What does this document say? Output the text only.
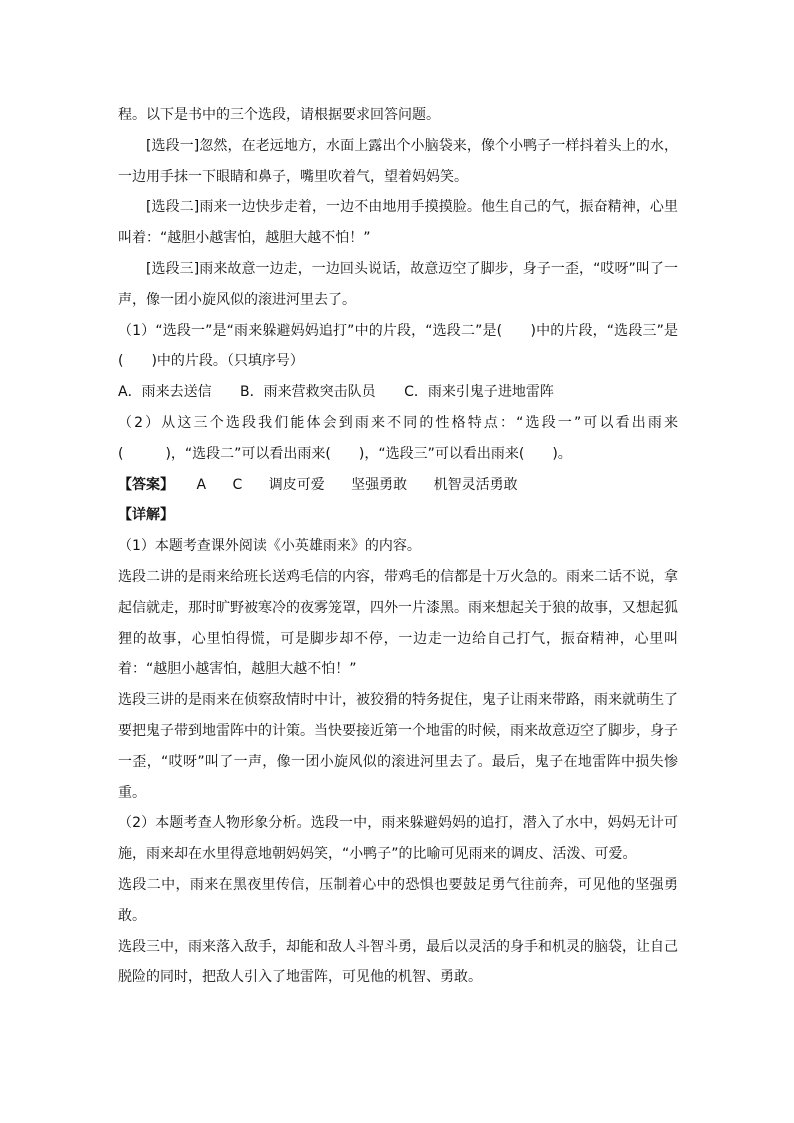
程。以下是书中的三个选段，请根据要求回答问题。

[选段一]忽然，在老远地方，水面上露出个小脑袋来，像个小鸭子一样抖着头上的水，一边用手抹一下眼睛和鼻子，嘴里吹着气，望着妈妈笑。

[选段二]雨来一边快步走着，一边不由地用手摸摸脸。他生自己的气，振奋精神，心里叫着：“越胆小越害怕，越胆大越不怕！”

[选段三]雨来故意一边走，一边回头说话，故意迈空了脚步，身子一歪，“哎呀”叫了一声，像一团小旋风似的滚进河里去了。

（1）“选段一”是“雨来躲避妈妈追打”中的片段，“选段二”是(　　)中的片段，“选段三”是(　　)中的片段。（只填序号）

A．雨来去送信 B．雨来营救突击队员 C．雨来引鬼子进地雷阵

（2）从这三个选段我们能体会到雨来不同的性格特点：“选段一”可以看出雨来(　　　)，“选段二”可以看出雨来(　　)，“选段三”可以看出雨来(　　)。

【答案】 A C 调皮可爱 坚强勇敢 机智灵活勇敢

【详解】

（1）本题考查课外阅读《小英雄雨来》的内容。

选段二讲的是雨来给班长送鸡毛信的内容，带鸡毛的信都是十万火急的。雨来二话不说，拿起信就走，那时旷野被寒冷的夜雾笼罩，四外一片漆黑。雨来想起关于狼的故事，又想起狐狸的故事，心里怕得慌，可是脚步却不停，一边走一边给自己打气，振奋精神，心里叫着：“越胆小越害怕，越胆大越不怕！”

选段三讲的是雨来在侦察敌情时中计，被狡猾的特务捉住，鬼子让雨来带路，雨来就萌生了要把鬼子带到地雷阵中的计策。当快要接近第一个地雷的时候，雨来故意迈空了脚步，身子一歪，“哎呀”叫了一声，像一团小旋风似的滚进河里去了。最后，鬼子在地雷阵中损失惨重。

（2）本题考查人物形象分析。选段一中，雨来躲避妈妈的追打，潜入了水中，妈妈无计可施，雨来却在水里得意地朝妈妈笑，“小鸭子”的比喻可见雨来的调皮、活泼、可爱。

选段二中，雨来在黑夜里传信，压制着心中的恐惧也要鼓足勇气往前奔，可见他的坚强勇敢。

选段三中，雨来落入敌手，却能和敌人斗智斗勇，最后以灵活的身手和机灵的脑袋，让自己脱险的同时，把敌人引入了地雷阵，可见他的机智、勇敢。
